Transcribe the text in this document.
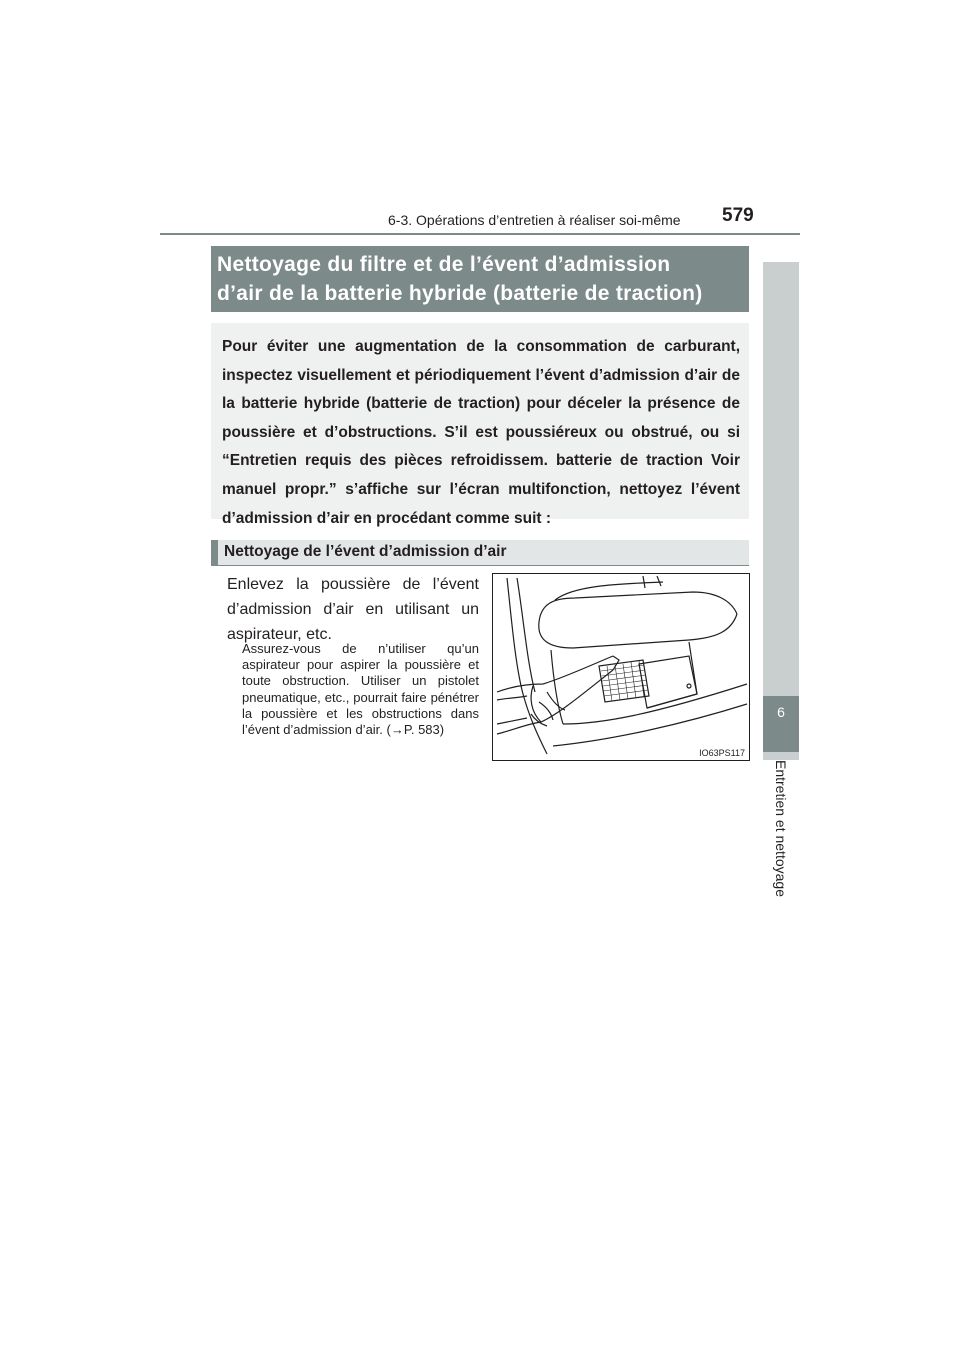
6-3. Opérations d’entretien à réaliser soi-même 579
6
Entretien et nettoyage
Nettoyage du filtre et de l’évent d’admission
d’air de la batterie hybride (batterie de traction)
Pour éviter une augmentation de la consommation de carburant, inspectez visuellement et périodiquement l’évent d’admission d’air de la batterie hybride (batterie de traction) pour déceler la présence de poussière et d’obstructions. S’il est poussiéreux ou obstrué, ou si “Entretien requis des pièces refroidissem. batterie de traction Voir manuel propr.” s’affiche sur l’écran multifonction, nettoyez l’évent d’admission d’air en procédant comme suit :
Nettoyage de l’évent d’admission d’air
Enlevez la poussière de l’évent d’admission d’air en utilisant un aspirateur, etc.
Assurez-vous de n’utiliser qu’un aspirateur pour aspirer la poussière et toute obstruction. Utiliser un pistolet pneumatique, etc., pourrait faire pénétrer la poussière et les obstructions dans l’évent d’admission d’air. (→P. 583)
IO63PS117
